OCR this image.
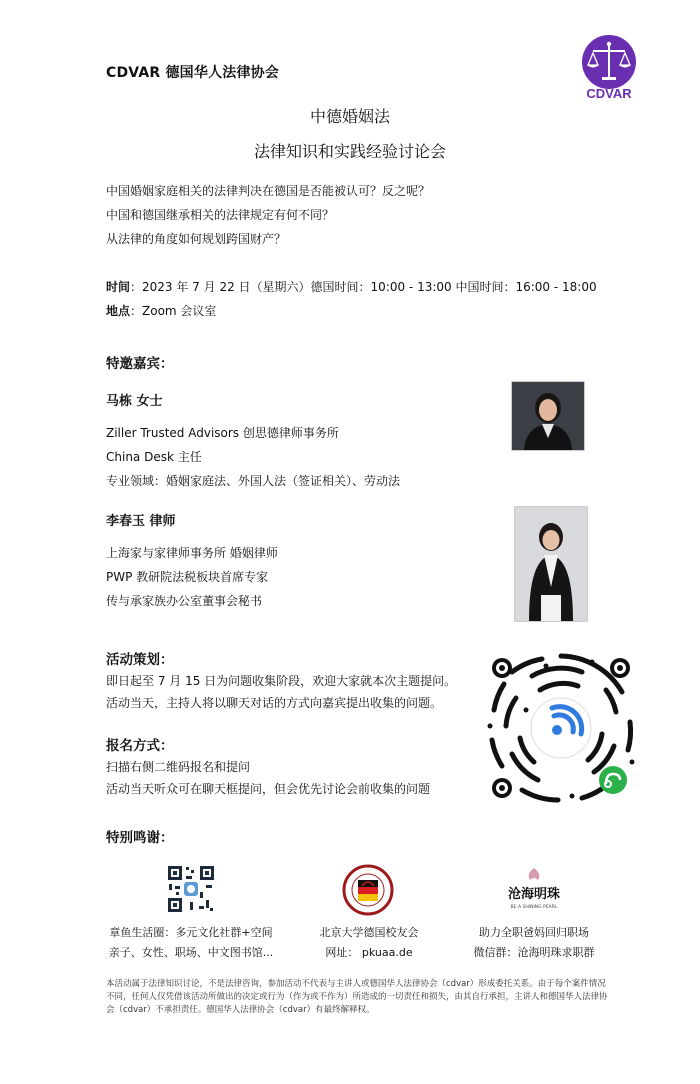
CDVAR 德国华人法律协会
CDVAR
中德婚姻法
法律知识和实践经验讨论会
中国婚姻家庭相关的法律判决在德国是否能被认可？反之呢？
中国和德国继承相关的法律规定有何不同？
从法律的角度如何规划跨国财产？
时间：2023 年 7 月 22 日（星期六）德国时间：10:00 - 13:00 中国时间：16:00 - 18:00
地点：Zoom 会议室
特邀嘉宾：
马栋 女士
Ziller Trusted Advisors 创思德律师事务所
China Desk 主任
专业领域：婚姻家庭法、外国人法（签证相关）、劳动法
李春玉 律师
上海家与家律师事务所 婚姻律师
PWP 教研院法税板块首席专家
传与承家族办公室董事会秘书
活动策划：
即日起至 7 月 15 日为问题收集阶段，欢迎大家就本次主题提问。
活动当天，主持人将以聊天对话的方式向嘉宾提出收集的问题。
报名方式：
扫描右侧二维码报名和提问
活动当天听众可在聊天框提问，但会优先讨论会前收集的问题
特别鸣谢：
章鱼生活圈：多元文化社群+空间
亲子、女性、职场、中文图书馆...
北京大学德国校友会
网址： pkuaa.de
沧海明珠
BE A SHINING PEARL
助力全职爸妈回归职场
微信群：沧海明珠求职群
本活动属于法律知识讨论，不是法律咨询，参加活动不代表与主讲人或德国华人法律协会（cdvar）形成委托关系。由于每个案件情况不同，任何人仅凭借该活动所做出的决定或行为（作为或不作为）所造成的一切责任和损失，由其自行承担，主讲人和德国华人法律协会（cdvar）不承担责任。德国华人法律协会（cdvar）有最终解释权。
